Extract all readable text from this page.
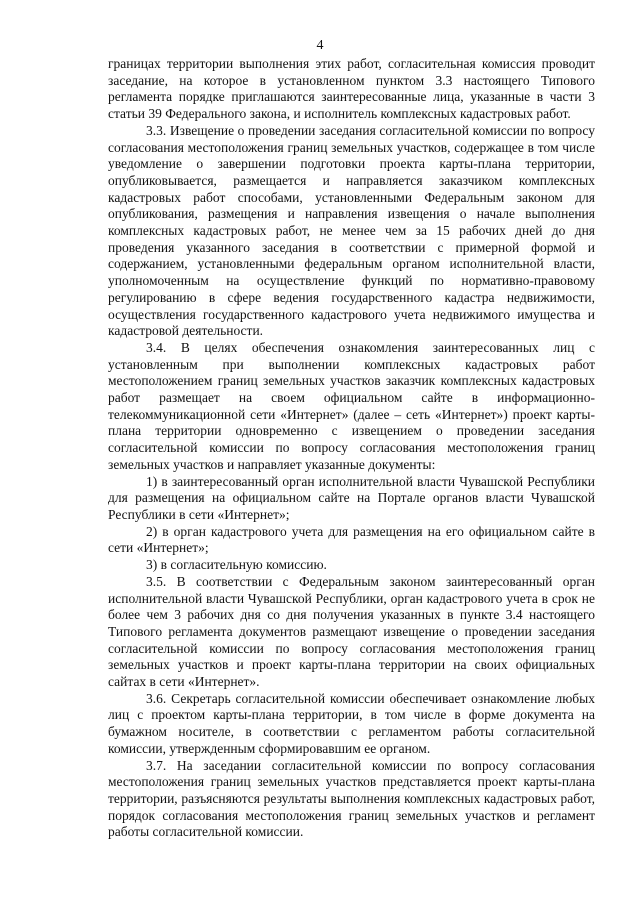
4

границах территории выполнения этих работ, согласительная комиссия проводит заседание, на которое в установленном пунктом 3.3 настоящего Типового регламента порядке приглашаются заинтересованные лица, указанные в части 3 статьи 39 Федерального закона, и исполнитель комплексных кадастровых работ.

3.3. Извещение о проведении заседания согласительной комиссии по вопросу согласования местоположения границ земельных участков, содержащее в том числе уведомление о завершении подготовки проекта карты-плана территории, опубликовывается, размещается и направляется заказчиком комплексных кадастровых работ способами, установленными Федеральным законом для опубликования, размещения и направления извещения о начале выполнения комплексных кадастровых работ, не менее чем за 15 рабочих дней до дня проведения указанного заседания в соответствии с примерной формой и содержанием, установленными федеральным органом исполнительной власти, уполномоченным на осуществление функций по нормативно-правовому регулированию в сфере ведения государственного кадастра недвижимости, осуществления государственного кадастрового учета недвижимого имущества и кадастровой деятельности.

3.4. В целях обеспечения ознакомления заинтересованных лиц с установленным при выполнении комплексных кадастровых работ местоположением границ земельных участков заказчик комплексных кадастровых работ размещает на своем официальном сайте в информационно-телекоммуникационной сети «Интернет» (далее – сеть «Интернет») проект карты-плана территории одновременно с извещением о проведении заседания согласительной комиссии по вопросу согласования местоположения границ земельных участков и направляет указанные документы:

1) в заинтересованный орган исполнительной власти Чувашской Республики для размещения на официальном сайте на Портале органов власти Чувашской Республики в сети «Интернет»;

2) в орган кадастрового учета для размещения на его официальном сайте в сети «Интернет»;

3) в согласительную комиссию.

3.5. В соответствии с Федеральным законом заинтересованный орган исполнительной власти Чувашской Республики, орган кадастрового учета в срок не более чем 3 рабочих дня со дня получения указанных в пункте 3.4 настоящего Типового регламента документов размещают извещение о проведении заседания согласительной комиссии по вопросу согласования местоположения границ земельных участков и проект карты-плана территории на своих официальных сайтах в сети «Интернет».

3.6. Секретарь согласительной комиссии обеспечивает ознакомление любых лиц с проектом карты-плана территории, в том числе в форме документа на бумажном носителе, в соответствии с регламентом работы согласительной комиссии, утвержденным сформировавшим ее органом.

3.7. На заседании согласительной комиссии по вопросу согласования местоположения границ земельных участков представляется проект карты-плана территории, разъясняются результаты выполнения комплексных кадастровых работ, порядок согласования местоположения границ земельных участков и регламент работы согласительной комиссии.
